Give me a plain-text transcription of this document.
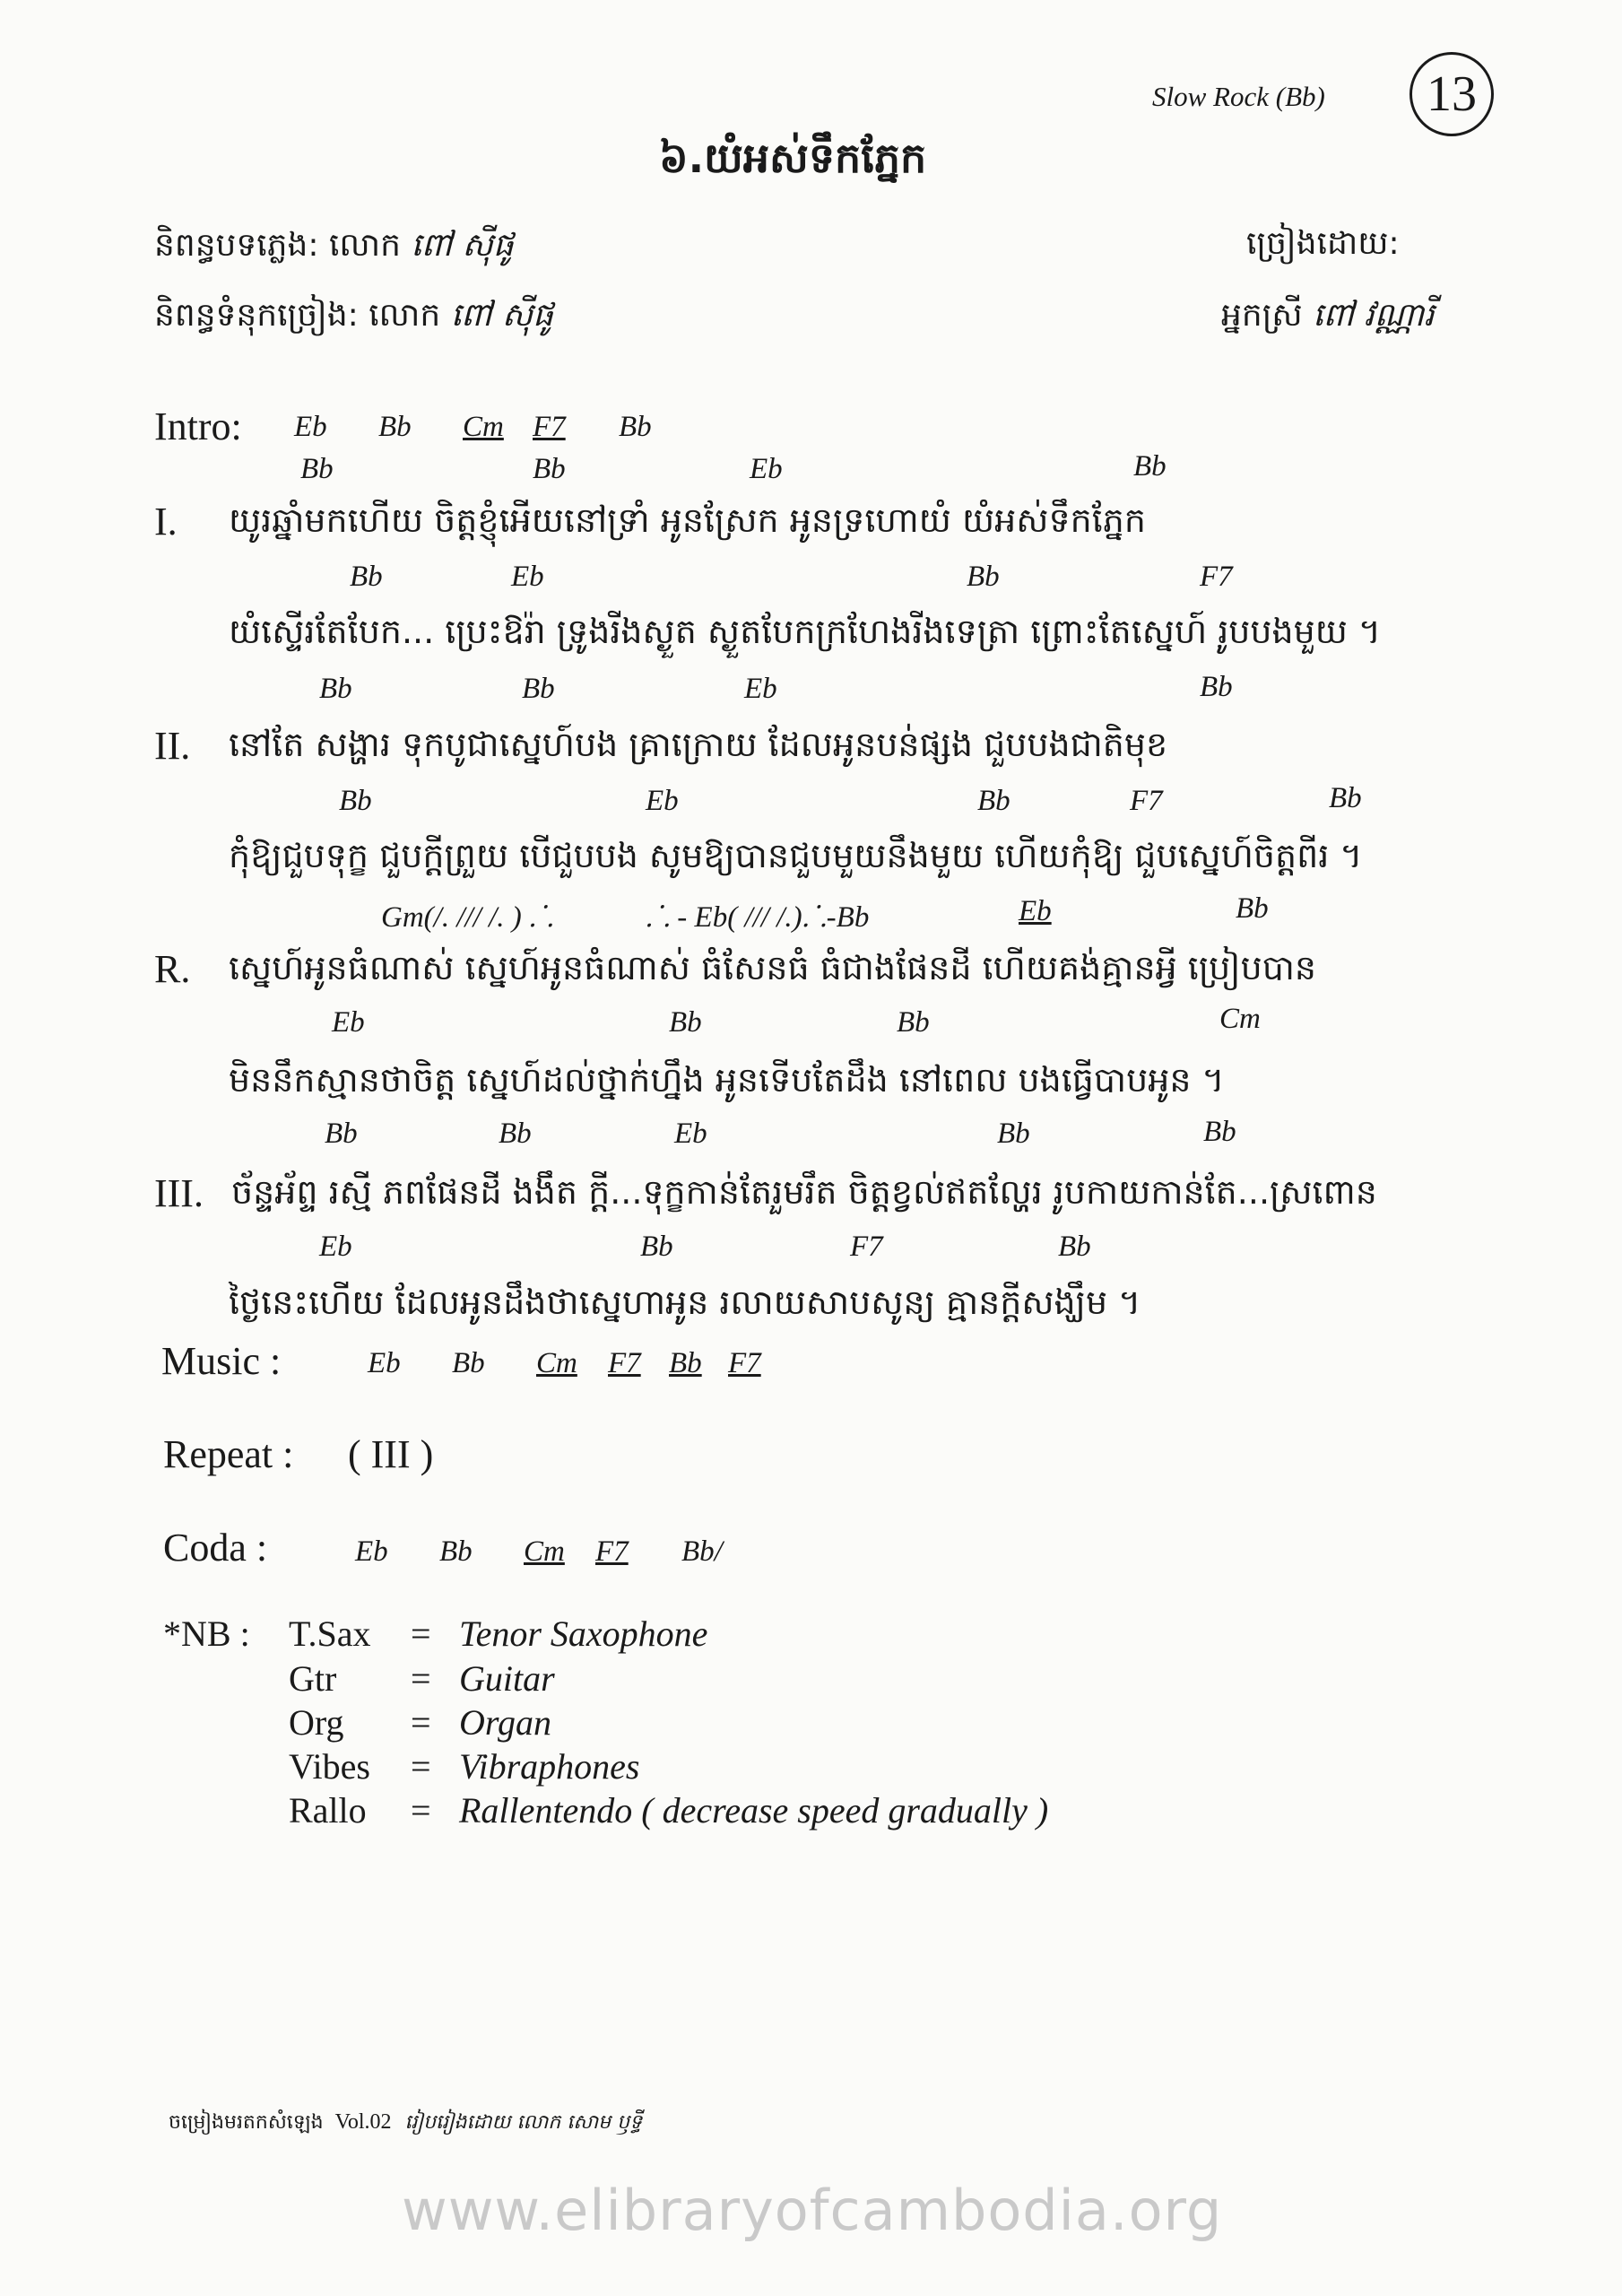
Slow Rock (Bb)	13
៦.យំអស់ទឹកភ្នែក
និពន្ធបទភ្លេង: លោក ពៅ ស៊ីផូ
និពន្ធទំនុកច្រៀង: លោក ពៅ ស៊ីផូ
ច្រៀងដោយ:
អ្នកស្រី ពៅ វណ្ណារី
Intro: Eb Bb Cm F7 Bb
Bb	Bb	Eb	Bb
I. យូរឆ្នាំមកហើយ ចិត្តខ្ញុំអើយនៅទ្រាំ អូនស្រែក អូនទ្រហោយំ យំអស់ទឹកភ្នែក
Bb	Eb	Bb	F7
យំស្ទើរតែបែក... ប្រេះឱរ៉ា ទ្រូងរីងស្ងួត ស្ងួតបែកក្រហែងរីងទេត្រា ព្រោះតែស្នេហ៍ រូបបងមួយ ។
Bb	Bb	Eb	Bb
II. នៅតែ សង្ហារ ទុកបូជាស្នេហ៍បង គ្រាក្រោយ ដែលអូនបន់ផ្សង ជួបបងជាតិមុខ
Bb	Eb	Bb	F7	Bb
កុំឱ្យជួបទុក្ខ ជួបក្ដីព្រួយ បើជួបបង សូមឱ្យបានជួបមួយនឹងមួយ ហើយកុំឱ្យ ជួបស្នេហ៍ចិត្តពីរ ។
Gm(/. /// /. ) ⸫	⸫ - Eb( /// /.)⸫-Bb	Eb	Bb
R. ស្នេហ៍អូនធំណាស់ ស្នេហ៍អូនធំណាស់ ធំសែនធំ ធំជាងផែនដី ហើយគង់គ្មានអ្វី ប្រៀបបាន
Eb	Bb	Bb	Cm
មិននឹកស្មានថាចិត្ត ស្នេហ៍ដល់ថ្នាក់ហ្នឹង អូនទើបតែដឹង នៅពេល បងធ្វើបាបអូន ។
Bb	Bb	Eb	Bb	Bb
III. ច័ន្ទអ័ព្ទ រស្មី ភពផែនដី ងងឹត ក្ដី...ទុក្ខកាន់តែរួមរឹត ចិត្តខ្វល់ឥតល្ហែរ រូបកាយកាន់តែ...ស្រពោន
Eb	Bb	F7	Bb
ថ្ងៃនេះហើយ ដែលអូនដឹងថាស្នេហាអូន រលាយសាបសូន្យ គ្មានក្ដីសង្ឃឹម ។
Music :	Eb Bb Cm F7 Bb F7
Repeat : ( III )
Coda :	Eb Bb Cm F7 Bb/
*NB : T.Sax = Tenor Saxophone
Gtr = Guitar
Org = Organ
Vibes = Vibraphones
Rallo = Rallentendo ( decrease speed gradually )
ចម្រៀងមរតកសំឡេង Vol.02 រៀបរៀងដោយ លោក សោម ឫទ្ធី
www.elibraryofcambodia.org
